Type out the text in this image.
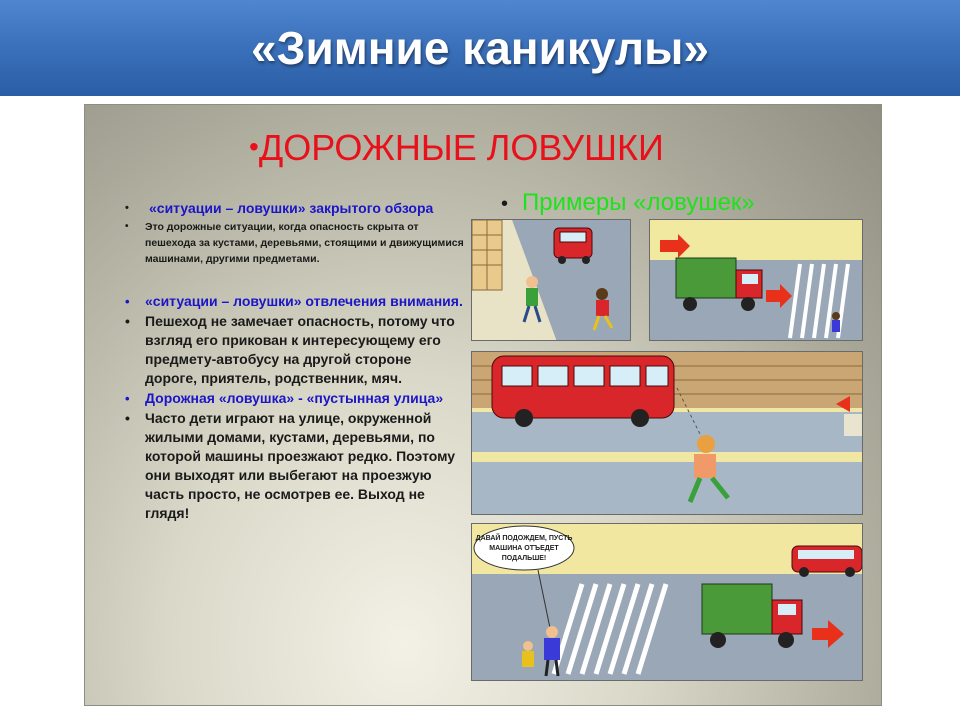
«Зимние каникулы»
•ДОРОЖНЫЕ ЛОВУШКИ
• Примеры «ловушек»
• «ситуации – ловушки» закрытого обзора
• Это дорожные ситуации, когда опасность скрыта от пешехода за кустами, деревьями, стоящими и движущимися машинами, другими предметами.
• «ситуации – ловушки» отвлечения внимания.
• Пешеход не замечает опасность, потому что взгляд его прикован к интересующему его предмету-автобусу на другой стороне дороге, приятель, родственник, мяч.
• Дорожная «ловушка» - «пустынная улица»
• Часто дети играют на улице, окруженной жилыми домами, кустами, деревьями, по которой машины проезжают редко. Поэтому они выходят или выбегают на проезжую часть просто, не осмотрев ее. Выход не глядя!
ДАВАЙ ПОДОЖДЕМ, ПУСТЬ
МАШИНА ОТЪЕДЕТ
ПОДАЛЬШЕ!
